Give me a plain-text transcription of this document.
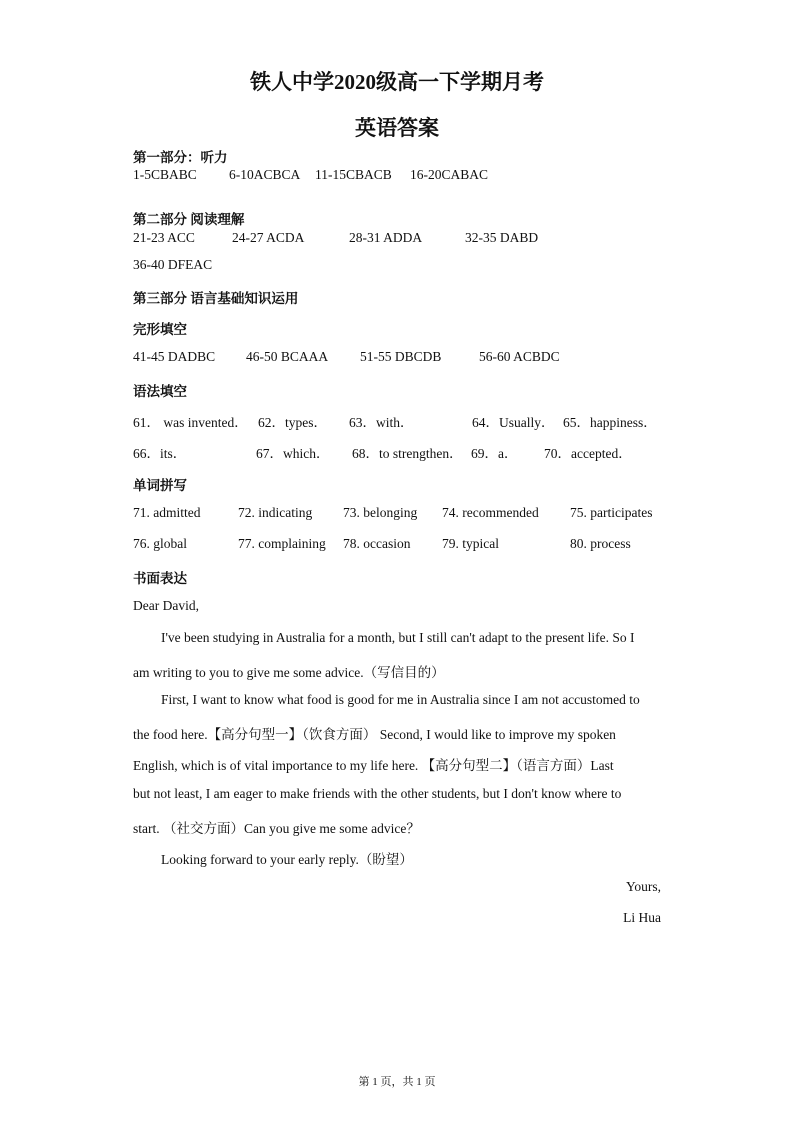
铁人中学2020级高一下学期月考
英语答案
第一部分：听力
1-5CBABC 6-10ACBCA 11-15CBACB 16-20CABAC
第二部分 阅读理解
21-23 ACC	24-27 ACDA	28-31 ADDA	32-35 DABD
36-40 DFEAC
第三部分 语言基础知识运用
完形填空
41-45 DADBC 46-50 BCAAA 51-55 DBCDB	56-60 ACBDC
语法填空
61． was invented． 62．types． 63．with．	64．Usually． 65．happiness．
66．its．	67．which． 68．to strengthen． 69．a． 70．accepted．
单词拼写
71. admitted	72. indicating 73. belonging 74. recommended 75. participates
76. global	77. complaining 78. occasion 79. typical	80. process
书面表达
Dear David,
I've been studying in Australia for a month, but I still can't adapt to the present life. So I
am writing to you to give me some advice.（写信目的）
First, I want to know what food is good for me in Australia since I am not accustomed to
the food here.【高分句型一】（饮食方面） Second, I would like to improve my spoken
English, which is of vital importance to my life here. 【高分句型二】（语言方面）Last
but not least, I am eager to make friends with the other students, but I don't know where to
start. （社交方面）Can you give me some advice？
Looking forward to your early reply.（盼望）
Yours,
Li Hua
第 1 页，共 1 页
